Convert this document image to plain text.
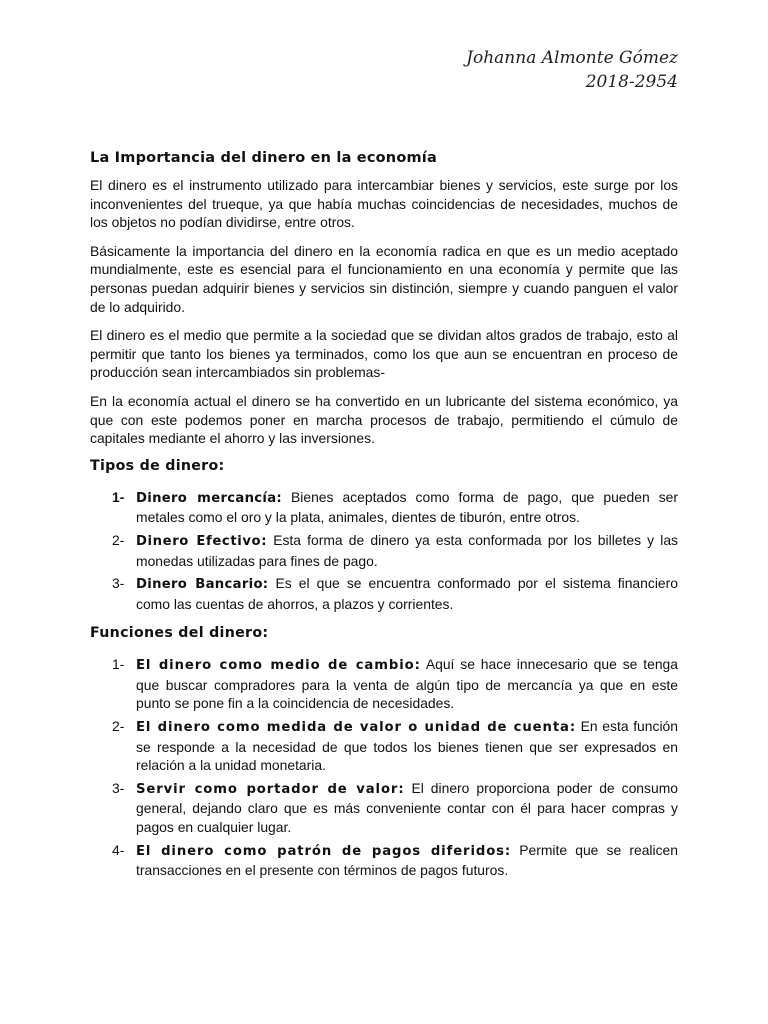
Johanna Almonte Gómez
2018-2954
La Importancia del dinero en la economía

El dinero es el instrumento utilizado para intercambiar bienes y servicios, este surge por los inconvenientes del trueque, ya que había muchas coincidencias de necesidades, muchos de los objetos no podían dividirse, entre otros.

Básicamente la importancia del dinero en la economía radica en que es un medio aceptado mundialmente, este es esencial para el funcionamiento en una economía y permite que las personas puedan adquirir bienes y servicios sin distinción, siempre y cuando panguen el valor de lo adquirido.

El dinero es el medio que permite a la sociedad que se dividan altos grados de trabajo, esto al permitir que tanto los bienes ya terminados, como los que aun se encuentran en proceso de producción sean intercambiados sin problemas-

En la economía actual el dinero se ha convertido en un lubricante del sistema económico, ya que con este podemos poner en marcha procesos de trabajo, permitiendo el cúmulo de capitales mediante el ahorro y las inversiones.

Tipos de dinero:
1- Dinero mercancía: Bienes aceptados como forma de pago, que pueden ser metales como el oro y la plata, animales, dientes de tiburón, entre otros.
2- Dinero Efectivo: Esta forma de dinero ya esta conformada por los billetes y las monedas utilizadas para fines de pago.
3- Dinero Bancario: Es el que se encuentra conformado por el sistema financiero como las cuentas de ahorros, a plazos y corrientes.
Funciones del dinero:
1- El dinero como medio de cambio: Aquí se hace innecesario que se tenga que buscar compradores para la venta de algún tipo de mercancía ya que en este punto se pone fin a la coincidencia de necesidades.
2- El dinero como medida de valor o unidad de cuenta: En esta función se responde a la necesidad de que todos los bienes tienen que ser expresados en relación a la unidad monetaria.
3- Servir como portador de valor: El dinero proporciona poder de consumo general, dejando claro que es más conveniente contar con él para hacer compras y pagos en cualquier lugar.
4- El dinero como patrón de pagos diferidos: Permite que se realicen transacciones en el presente con términos de pagos futuros.
